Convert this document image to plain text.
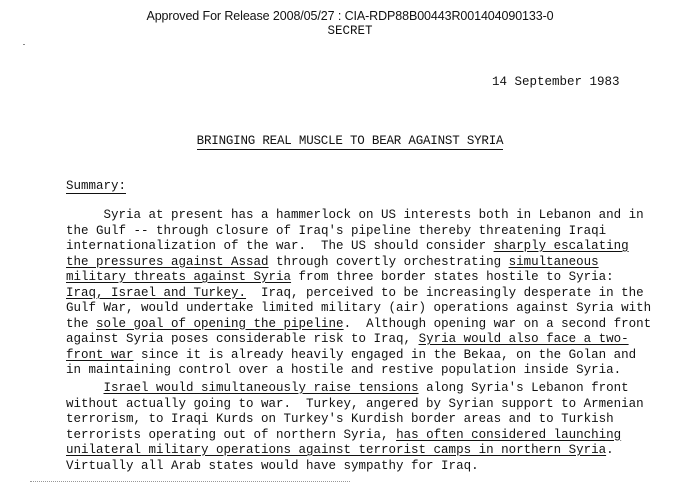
Approved For Release 2008/05/27 : CIA-RDP88B00443R001404090133-0
SECRET
14 September 1983
BRINGING REAL MUSCLE TO BEAR AGAINST SYRIA
Summary:
Syria at present has a hammerlock on US interests both in Lebanon and in
the Gulf -- through closure of Iraq's pipeline thereby threatening Iraqi
internationalization of the war.  The US should consider sharply escalating
the pressures against Assad through covertly orchestrating simultaneous
military threats against Syria from three border states hostile to Syria:
Iraq, Israel and Turkey.  Iraq, perceived to be increasingly desperate in the
Gulf War, would undertake limited military (air) operations against Syria with
the sole goal of opening the pipeline.  Although opening war on a second front
against Syria poses considerable risk to Iraq, Syria would also face a two-
front war since it is already heavily engaged in the Bekaa, on the Golan and
in maintaining control over a hostile and restive population inside Syria.
Israel would simultaneously raise tensions along Syria's Lebanon front
without actually going to war.  Turkey, angered by Syrian support to Armenian
terrorism, to Iraqi Kurds on Turkey's Kurdish border areas and to Turkish
terrorists operating out of northern Syria, has often considered launching
unilateral military operations against terrorist camps in northern Syria.
Virtually all Arab states would have sympathy for Iraq.
